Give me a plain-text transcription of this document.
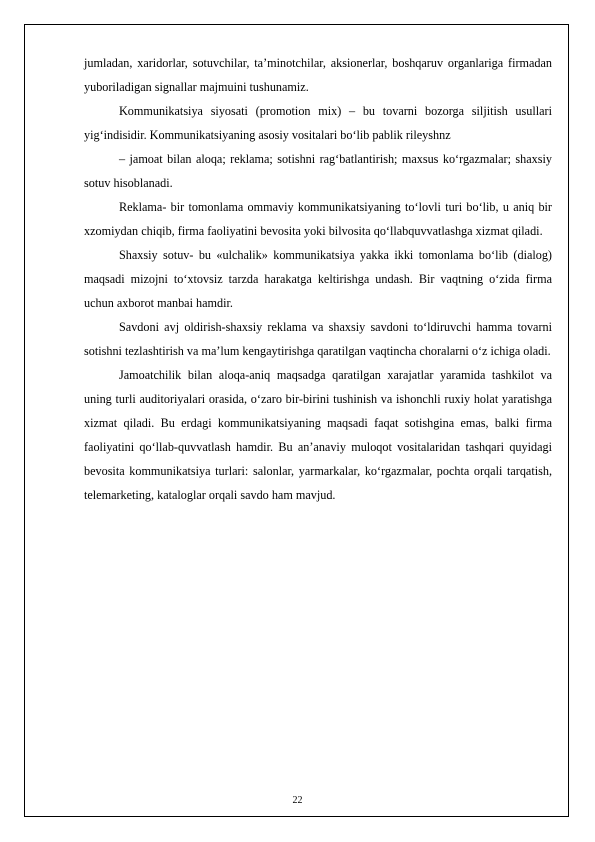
jumladan, xaridorlar, sotuvchilar, ta’minotchilar, aksionerlar, boshqaruv organlariga firmadan yuboriladigan signallar majmuini tushunamiz.

Kommunikatsiya siyosati (promotion mix) – bu tovarni bozorga siljitish usullari yig‘indisidir. Kommunikatsiyaning asosiy vositalari bo‘lib pablik rileyshnz

– jamoat bilan aloqa; reklama; sotishni rag‘batlantirish; maxsus ko‘rgazmalar; shaxsiy sotuv hisoblanadi.

Reklama- bir tomonlama ommaviy kommunikatsiyaning to‘lovli turi bo‘lib, u aniq bir xzomiydan chiqib, firma faoliyatini bevosita yoki bilvosita qo‘llabquvvatlashga xizmat qiladi.

Shaxsiy sotuv- bu «ulchalik» kommunikatsiya yakka ikki tomonlama bo‘lib (dialog) maqsadi mizojni to‘xtovsiz tarzda harakatga keltirishga undash. Bir vaqtning o‘zida firma uchun axborot manbai hamdir.

Savdoni avj oldirish-shaxsiy reklama va shaxsiy savdoni to‘ldiruvchi hamma tovarni sotishni tezlashtirish va ma’lum kengaytirishga qaratilgan vaqtincha choralarni o‘z ichiga oladi.

Jamoatchilik bilan aloqa-aniq maqsadga qaratilgan xarajatlar yaramida tashkilot va uning turli auditoriyalari orasida, o‘zaro bir-birini tushinish va ishonchli ruxiy holat yaratishga xizmat qiladi. Bu erdagi kommunikatsiyaning maqsadi faqat sotishgina emas, balki firma faoliyatini qo‘llab-quvvatlash hamdir. Bu an’anaviy muloqot vositalaridan tashqari quyidagi bevosita kommunikatsiya turlari: salonlar, yarmarkalar, ko‘rgazmalar, pochta orqali tarqatish, telemarketing, kataloglar orqali savdo ham mavjud.

22
